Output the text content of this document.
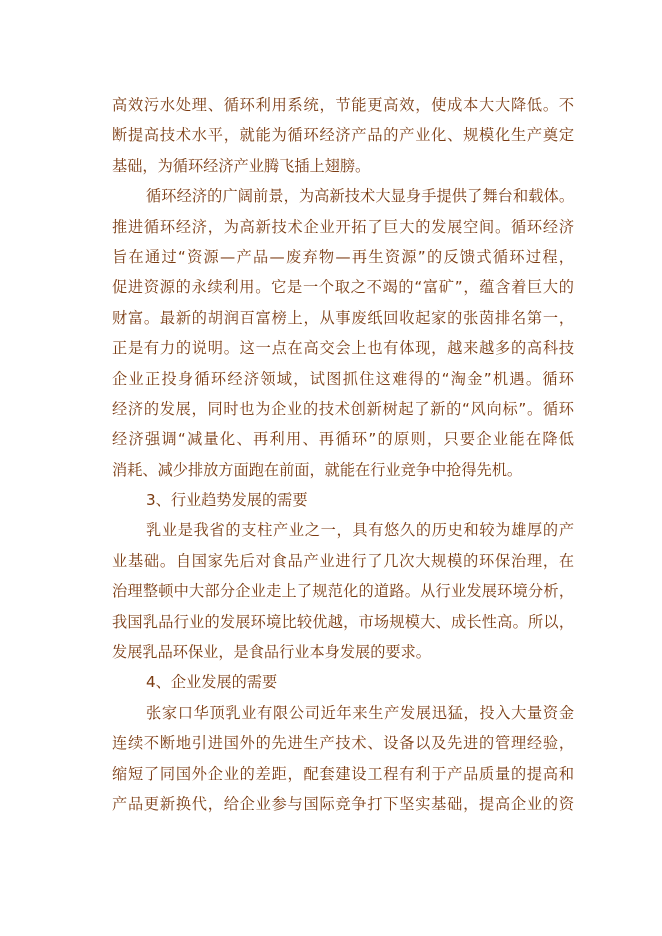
高效污水处理、循环利用系统，节能更高效，使成本大大降低。不
断提高技术水平，就能为循环经济产品的产业化、规模化生产奠定
基础，为循环经济产业腾飞插上翅膀。
循环经济的广阔前景，为高新技术大显身手提供了舞台和载体。
推进循环经济，为高新技术企业开拓了巨大的发展空间。循环经济
旨在通过“资源—产品—废弃物—再生资源”的反馈式循环过程，
促进资源的永续利用。它是一个取之不竭的“富矿”，蕴含着巨大的
财富。最新的胡润百富榜上，从事废纸回收起家的张茵排名第一，
正是有力的说明。这一点在高交会上也有体现，越来越多的高科技
企业正投身循环经济领域，试图抓住这难得的“淘金”机遇。循环
经济的发展，同时也为企业的技术创新树起了新的“风向标”。循环
经济强调“减量化、再利用、再循环”的原则，只要企业能在降低
消耗、减少排放方面跑在前面，就能在行业竞争中抢得先机。
3、行业趋势发展的需要
乳业是我省的支柱产业之一，具有悠久的历史和较为雄厚的产
业基础。自国家先后对食品产业进行了几次大规模的环保治理，在
治理整顿中大部分企业走上了规范化的道路。从行业发展环境分析，
我国乳品行业的发展环境比较优越，市场规模大、成长性高。所以，
发展乳品环保业，是食品行业本身发展的要求。
4、企业发展的需要
张家口华顶乳业有限公司近年来生产发展迅猛，投入大量资金
连续不断地引进国外的先进生产技术、设备以及先进的管理经验，
缩短了同国外企业的差距，配套建设工程有利于产品质量的提高和
产品更新换代，给企业参与国际竞争打下坚实基础，提高企业的资
